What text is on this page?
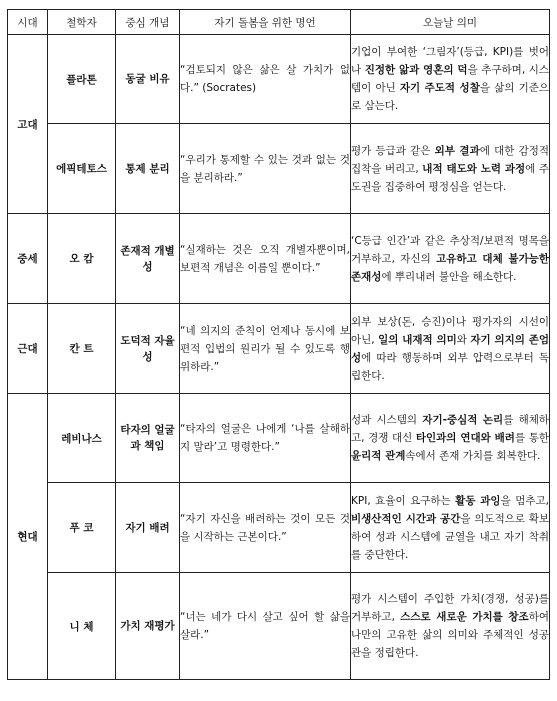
시대	철학자	중심 개념	자기 돌봄을 위한 명언	오늘날 의미
고대	플라톤	동굴 비유	“검토되지 않은 삶은 살 가치가 없다.” (Socrates)	기업이 부여한 ‘그림자’(등급, KPI)를 벗어나 진정한 앎과 영혼의 덕을 추구하며, 시스템이 아닌 자기 주도적 성찰을 삶의 기준으로 삼는다.
	에픽테토스	통제 분리	“우리가 통제할 수 있는 것과 없는 것을 분리하라.”	평가 등급과 같은 외부 결과에 대한 감정적 집착을 버리고, 내적 태도와 노력 과정에 주도권을 집중하여 평정심을 얻는다.
중세	오 캄	존재적 개별성	“실재하는 것은 오직 개별자뿐이며, 보편적 개념은 이름일 뿐이다.”	‘C등급 인간’과 같은 추상적/보편적 명목을 거부하고, 자신의 고유하고 대체 불가능한 존재성에 뿌리내려 불안을 해소한다.
근대	칸 트	도덕적 자율성	“네 의지의 준칙이 언제나 동시에 보편적 입법의 원리가 될 수 있도록 행위하라.”	외부 보상(돈, 승진)이나 평가자의 시선이 아닌, 일의 내재적 의미와 자기 의지의 존엄성에 따라 행동하며 외부 압력으로부터 독립한다.
현대	레비나스	타자의 얼굴과 책임	“타자의 얼굴은 나에게 ‘나를 살해하지 말라’고 명령한다.”	성과 시스템의 자기-중심적 논리를 해체하고, 경쟁 대신 타인과의 연대와 배려를 통한 윤리적 관계속에서 존재 가치를 회복한다.
	푸 코	자기 배려	“자기 자신을 배려하는 것이 모든 것을 시작하는 근본이다.”	KPI, 효율이 요구하는 활동 과잉을 멈추고, 비생산적인 시간과 공간을 의도적으로 확보하여 성과 시스템에 균열을 내고 자기 착취를 중단한다.
	니 체	가치 재평가	“너는 네가 다시 살고 싶어 할 삶을 살라.”	평가 시스템이 주입한 가치(경쟁, 성공)를 거부하고, 스스로 새로운 가치를 창조하여 나만의 고유한 삶의 의미와 주체적인 성공관을 정립한다.
